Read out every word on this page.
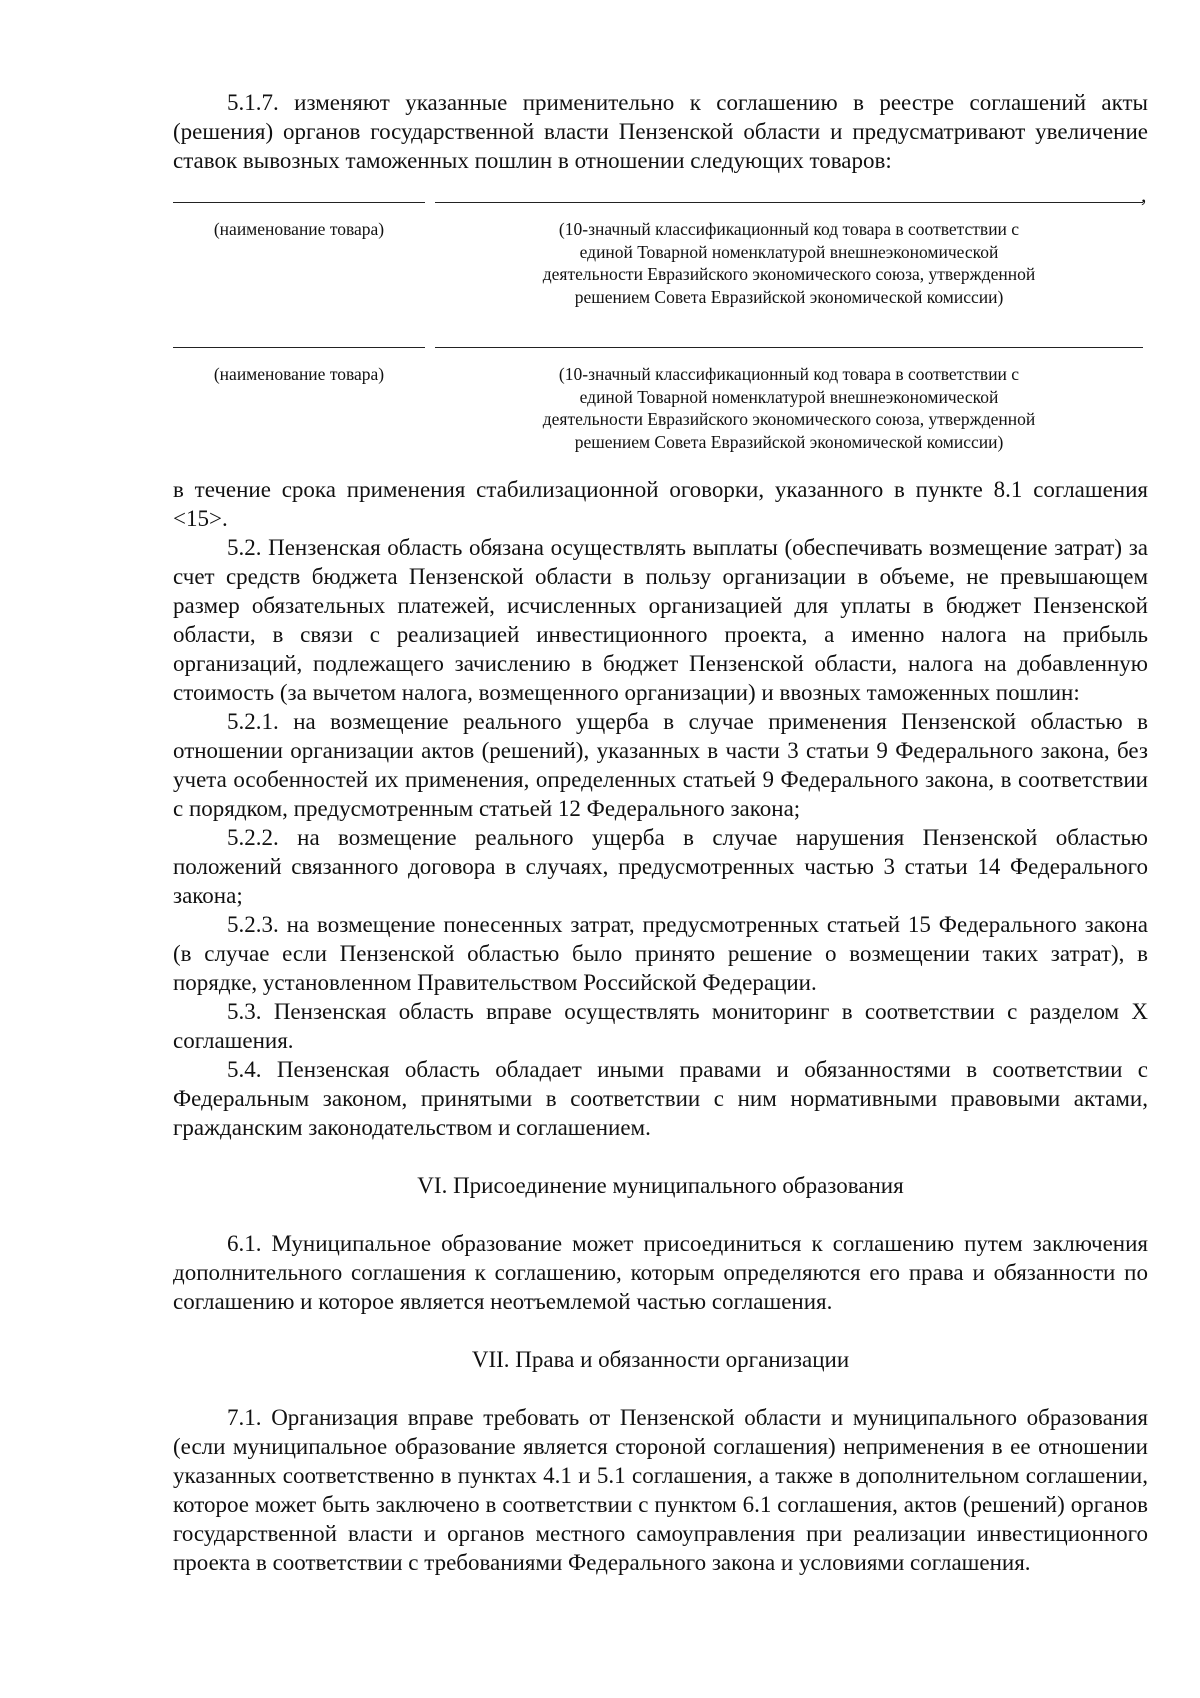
5.1.7. изменяют указанные применительно к соглашению в реестре соглашений акты (решения) органов государственной власти Пензенской области и предусматривают увеличение ставок вывозных таможенных пошлин в отношении следующих товаров:

,
(наименование товара)	(10-значный классификационный код товара в соответствии с единой Товарной номенклатурой внешнеэкономической деятельности Евразийского экономического союза, утвержденной решением Совета Евразийской экономической комиссии)
(наименование товара)	(10-значный классификационный код товара в соответствии с единой Товарной номенклатурой внешнеэкономической деятельности Евразийского экономического союза, утвержденной решением Совета Евразийской экономической комиссии)

в течение срока применения стабилизационной оговорки, указанного в пункте 8.1 соглашения <15>.

5.2. Пензенская область обязана осуществлять выплаты (обеспечивать возмещение затрат) за счет средств бюджета Пензенской области в пользу организации в объеме, не превышающем размер обязательных платежей, исчисленных организацией для уплаты в бюджет Пензенской области, в связи с реализацией инвестиционного проекта, а именно налога на прибыль организаций, подлежащего зачислению в бюджет Пензенской области, налога на добавленную стоимость (за вычетом налога, возмещенного организации) и ввозных таможенных пошлин:

5.2.1. на возмещение реального ущерба в случае применения Пензенской областью в отношении организации актов (решений), указанных в части 3 статьи 9 Федерального закона, без учета особенностей их применения, определенных статьей 9 Федерального закона, в соответствии с порядком, предусмотренным статьей 12 Федерального закона;

5.2.2. на возмещение реального ущерба в случае нарушения Пензенской областью положений связанного договора в случаях, предусмотренных частью 3 статьи 14 Федерального закона;

5.2.3. на возмещение понесенных затрат, предусмотренных статьей 15 Федерального закона (в случае если Пензенской областью было принято решение о возмещении таких затрат), в порядке, установленном Правительством Российской Федерации.

5.3. Пензенская область вправе осуществлять мониторинг в соответствии с разделом X соглашения.

5.4. Пензенская область обладает иными правами и обязанностями в соответствии с Федеральным законом, принятыми в соответствии с ним нормативными правовыми актами, гражданским законодательством и соглашением.

VI. Присоединение муниципального образования

6.1. Муниципальное образование может присоединиться к соглашению путем заключения дополнительного соглашения к соглашению, которым определяются его права и обязанности по соглашению и которое является неотъемлемой частью соглашения.

VII. Права и обязанности организации

7.1. Организация вправе требовать от Пензенской области и муниципального образования (если муниципальное образование является стороной соглашения) неприменения в ее отношении указанных соответственно в пунктах 4.1 и 5.1 соглашения, а также в дополнительном соглашении, которое может быть заключено в соответствии с пунктом 6.1 соглашения, актов (решений) органов государственной власти и органов местного самоуправления при реализации инвестиционного проекта в соответствии с требованиями Федерального закона и условиями соглашения.
